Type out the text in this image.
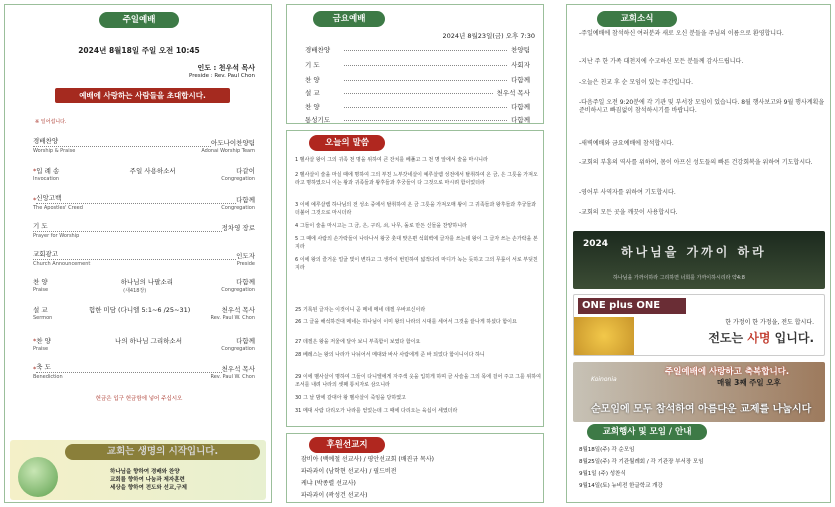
주일예배
2024년 8월18일 주일 오전 10:45
인도 : 천우석 목사
Preside : Rev. Paul Chon
예배에 사랑하는 사람들을 초대합시다.
※ 일어섭니다.
경배찬양	아도나이찬양팀
Worship & Praise	Adonai Worship Team
* 입 례 송	주일 사용하소서	다같이
Invocation	Congregation
* 신앙고백	다함께
The Apostles' Creed	Congregation
기 도	정차영 장로
Prayer for Worship
교회광고	인도자
Church Announcement	Preside
찬 양	하나님의 나팔소리	다함께
Praise	(새418장)	Congregation
설 교	험한 미담 (다니엘 5:1~6 /25~31)	천우석 목사
Sermon	Rev. Paul W. Chon
* 찬 양	나의 하나님 그리하소서	다함께
Praise	Congregation
* 축 도	천우석 목사
Benediction	Rev. Paul W. Chon
헌금은 입구 헌금함에 넣어 주십시오
교회는 생명의 시작입니다.
하나님을 향하여 경배와 찬양
교회를 향하여 나눔과 제자훈련
세상을 향하여 전도와 선교,구제
금요예배
2024년 8월23일(금) 오후 7:30
경배찬양	찬양팀
기 도	사회자
찬 양	다함께
설 교	천우석 목사
찬 양	다함께
통성기도	다함께
오늘의 말씀
1 벨사살 왕이 그의 귀족 천 명을 위하여 큰 잔치를 베풀고 그 천 명 앞에서 술을 마시니라
2 벨사살이 술을 마실 때에 명하여 그의 부친 느부갓네살이 예루살렘 성전에서 탈취하여 온 금, 은 그릇을 가져오라고 명하였으니 이는 왕과 귀족들과 왕후들과 후궁들이 다 그것으로 마시려 함이었더라
3 이에 예루살렘 하나님의 전 성소 중에서 탈취하여 온 금 그릇을 가져오매 왕이 그 귀족들과 왕후들과 후궁들과 더불어 그것으로 마시더라
4 그들이 술을 마시고는 그 금, 은, 구리, 쇠, 나무, 돌로 만든 신들을 찬양하니라
5 그 때에 사람의 손가락들이 나타나서 왕궁 촛대 맞은편 석회벽에 글자를 쓰는데 왕이 그 글자 쓰는 손가락을 본지라
6 이에 왕의 즐거운 얼굴 빛이 변하고 그 생각이 번민하여 넓적다리 마디가 녹는 듯하고 그의 무릎이 서로 부딪친지라
25 기록된 글자는 이것이니 곧 메네 메네 데겔 우바르신이라
26 그 글을 해석하건대 메네는 하나님이 이미 왕의 나라의 시대를 세어서 그것을 끝나게 하셨다 함이요
27 데겔은 왕을 저울에 달아 보니 부족함이 보였다 함이요
28 베레스는 왕의 나라가 나뉘어서 메대와 바사 사람에게 준 바 되었다 함이니이다 하니
29 이에 벨사살이 명하여 그들이 다니엘에게 자주색 옷을 입히게 하며 금 사슬을 그의 목에 걸어 주고 그를 위하여 조서를 내려 나라의 셋째 통치자로 삼으니라
30 그 날 밤에 갈대아 왕 벨사살이 죽임을 당하였고
31 메대 사람 다리오가 나라를 얻었는데 그 때에 다리오는 육십이 세였더라
후원선교지
잠비아 (백예철 선교사) / 평안선교회 (배진규 목사)
파라과이 (남학현 선교사) / 필드비전
케냐 (박종렬 선교사)
파라과이 (곽성건 선교사)
교회소식
-주일예배에 참석하신 여러분과 새로 오신 분들을 주님의 이름으로 환영합니다.
-지난 주 한 가족 대천지에 수고하신 모든 분들께 감사드립니다.
-오늘은 친교 후 순 모임이 있는 주간입니다.
-다음주일 오전 9:20분에 각 기관 및 부서장 모임이 있습니다. 8월 행사보고와 9월 행사계획을 준비하시고 빠짐없이 참석하시기를 바랍니다.
-새벽예배와 금요예배에 참석합시다.
-교회의 부흥의 역사를 위하여, 몸이 아프신 성도들의 빠른 건강회복을 위하여 기도합시다.
-영어부 사역자를 위하여 기도합시다.
-교회의 모든 곳을 깨끗이 사용합시다.
2024
하나님을 가까이 하라
하나님을 가까이하라 그리하면 너희를 가까이하시리라 약4:8
ONE plus ONE
한 가정이 한 가정을, 전도 합시다.
전도는 사명 입니다.
Koinonia
주일예배에 사랑하고 축복합니다.
매월 3째 주일 오후
순모임에 모두 참석하여 아름다운 교제를 나눕시다
교회행사 및 모임 / 안내
8월18일(주) 각 순모임
8월25일(주) 각 기관월례회 / 각 기관장 부서장 모임
9월1일 (주) 성찬식
9월14일(토) 뉴비전 한글학교 개강
